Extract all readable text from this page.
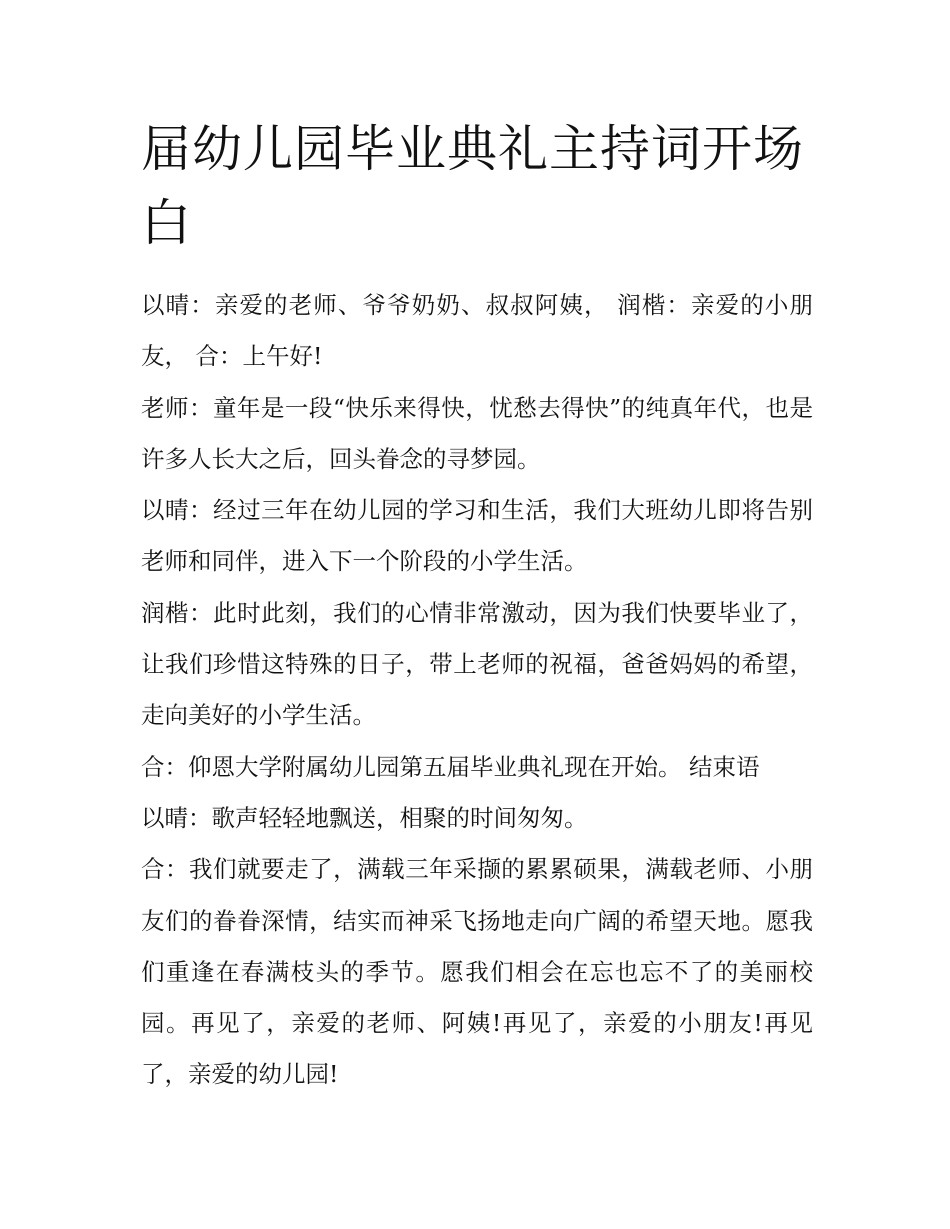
届幼儿园毕业典礼主持词开场白

以晴：亲爱的老师、爷爷奶奶、叔叔阿姨， 润楷：亲爱的小朋友， 合：上午好!

老师：童年是一段“快乐来得快，忧愁去得快”的纯真年代，也是许多人长大之后，回头眷念的寻梦园。

以晴：经过三年在幼儿园的学习和生活，我们大班幼儿即将告别老师和同伴，进入下一个阶段的小学生活。

润楷：此时此刻，我们的心情非常激动，因为我们快要毕业了，让我们珍惜这特殊的日子，带上老师的祝福，爸爸妈妈的希望，走向美好的小学生活。

合：仰恩大学附属幼儿园第五届毕业典礼现在开始。 结束语

以晴：歌声轻轻地飘送，相聚的时间匆匆。

合：我们就要走了，满载三年采撷的累累硕果，满载老师、小朋友们的眷眷深情，结实而神采飞扬地走向广阔的希望天地。愿我们重逢在春满枝头的季节。愿我们相会在忘也忘不了的美丽校园。再见了，亲爱的老师、阿姨!再见了，亲爱的小朋友!再见了，亲爱的幼儿园!
